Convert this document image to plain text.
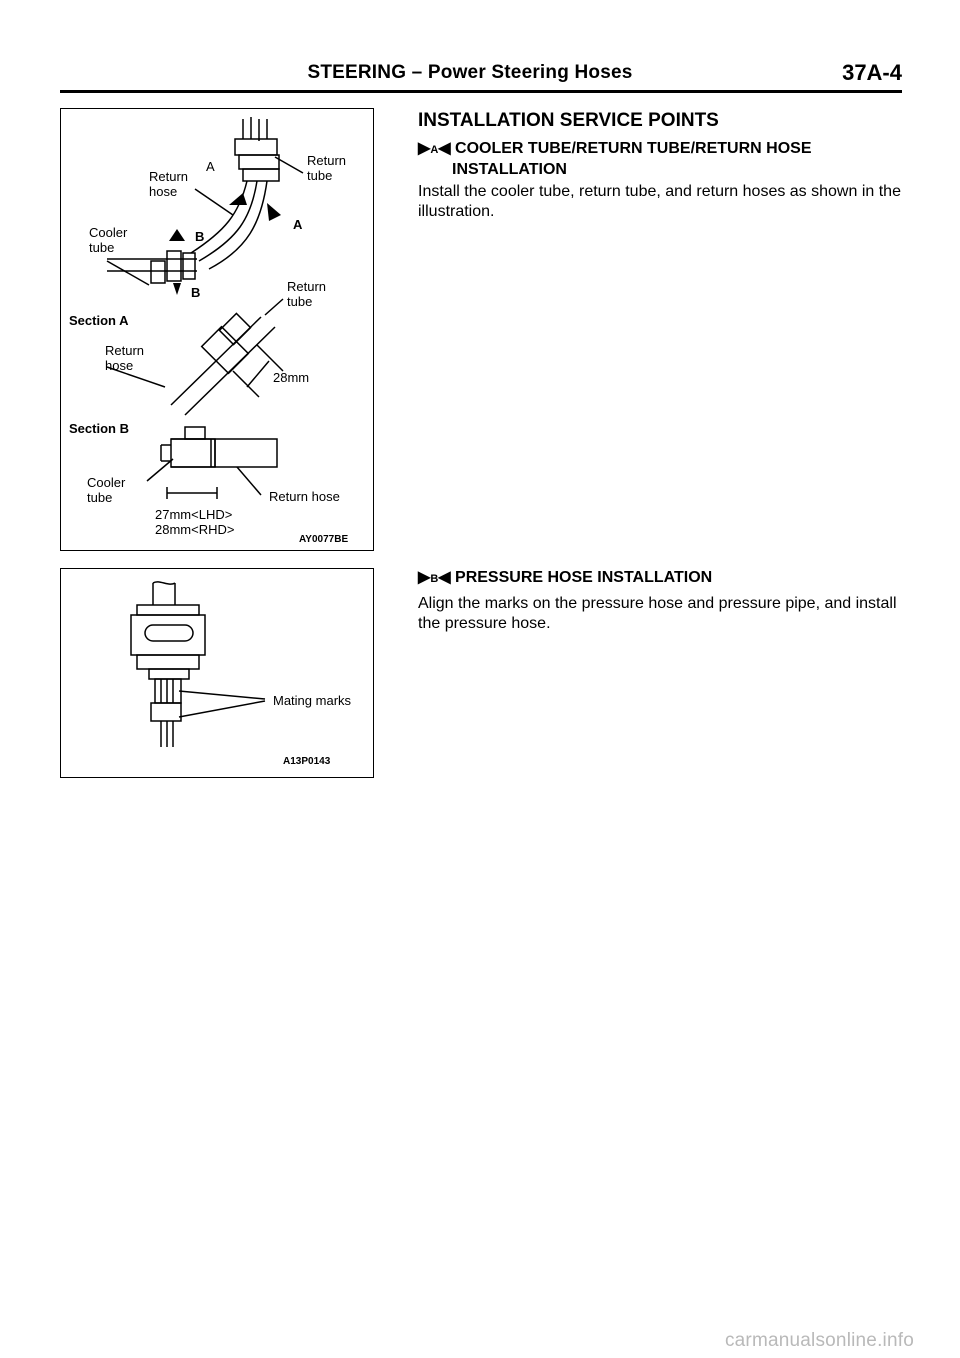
STEERING – Power Steering Hoses	37A-4
Return
hose
A	Return
tube
A
Cooler
tube
B
B	Return
tube
Section A
Return
hose
28mm
Section B
Cooler
tube	Return hose
27mm<LHD>
28mm<RHD>
AY0077BE
Mating marks
A13P0143
INSTALLATION SERVICE POINTS
▶A◀ COOLER TUBE/RETURN TUBE/RETURN HOSE
INSTALLATION
Install the cooler tube, return tube, and return hoses as shown in the illustration.
▶B◀ PRESSURE HOSE INSTALLATION
Align the marks on the pressure hose and pressure pipe, and install the pressure hose.
carmanualsonline.info
